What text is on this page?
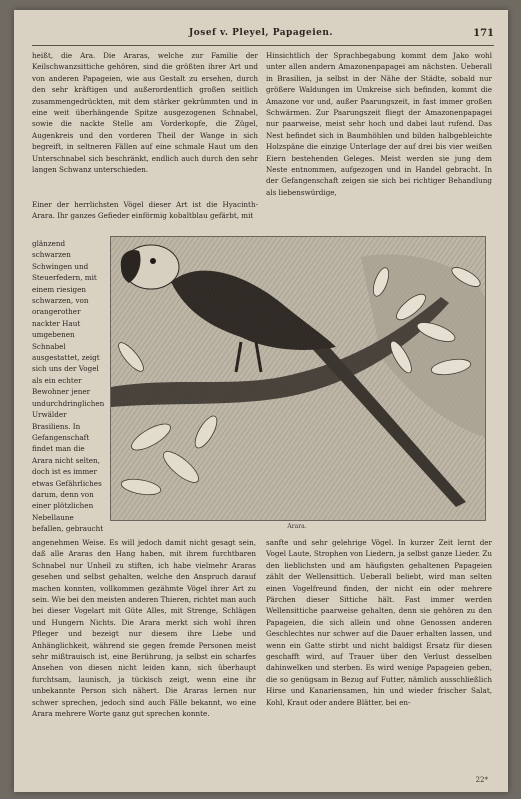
Josef v. Pleyel, Papageien.	171

heißt, die Ara. Die Araras, welche zur Familie der Keilschwanzsittiche gehören, sind die größten ihrer Art und von anderen Papageien, wie aus Gestalt zu ersehen, durch den sehr kräftigen und außerordentlich großen seitlich zusammengedrückten, mit dem stärker gekrümmten und in eine weit überhängende Spitze ausgezogenen Schnabel, sowie die nackte Stelle am Vorderkopfe, die Zügel, Augenkreis und den vorderen Theil der Wange in sich begreift, in seltneren Fällen auf eine schmale Haut um den Unterschnabel sich beschränkt, endlich auch durch den sehr langen Schwanz unterschieden.

Einer der herrlichsten Vögel dieser Art ist die Hyacinth-Arara. Ihr ganzes Gefieder einförmig kobaltblau gefärbt, mit

glänzend schwarzen Schwingen und Steuerfedern, mit einem riesigen schwarzen, von orangerother nackter Haut umgebenen Schnabel ausgestattet, zeigt sich uns der Vogel als ein echter Bewohner jener undurchdringlichen Urwälder Brasiliens. In Gefangenschaft findet man die Arara nicht selten, doch ist es immer etwas Gefährliches darum, denn von einer plötzlichen Nebellaune befallen, gebraucht

angenehmen Weise. Es will jedoch damit nicht gesagt sein, daß alle Araras den Hang haben, mit ihrem furchtbaren Schnabel nur Unheil zu stiften, ich habe vielmehr Araras gesehen und selbst gehalten, welche den Anspruch darauf machen konnten, vollkommen gezähmte Vögel ihrer Art zu sein. Wie bei den meisten anderen Thieren, richtet man auch bei dieser Vogelart mit Güte Alles, mit Strenge, Schlägen und Hungern Nichts. Die Arara merkt sich wohl ihren Pfleger und bezeigt nur diesem ihre Liebe und Anhänglichkeit, während sie gegen fremde Personen meist sehr mißtrauisch ist, eine Berührung, ja selbst ein scharfes Ansehen von diesen nicht leiden kann, sich überhaupt furchtsam, launisch, ja tückisch zeigt, wenn eine ihr unbekannte Person sich nähert. Die Araras lernen nur schwer sprechen, jedoch sind auch Fälle bekannt, wo eine Arara mehrere Worte ganz gut sprechen konnte.

Hinsichtlich der Sprachbegabung kommt dem Jako wohl unter allen andern Amazonenpapagei am nächsten. Ueberall in Brasilien, ja selbst in der Nähe der Städte, sobald nur größere Waldungen im Umkreise sich befinden, kommt die Amazone vor und, außer Paarungszeit, in fast immer großen Schwärmen. Zur Paarungszeit fliegt der Amazonenpapagei nur paarweise, meist sehr hoch und dabei laut rufend. Das Nest befindet sich in Baumhöhlen und bilden halbgebleichte Holzspäne die einzige Unterlage der auf drei bis vier weißen Eiern bestehenden Geleges. Meist werden sie jung dem Neste entnommen, aufgezogen und in Handel gebracht. In der Gefangenschaft zeigen sie sich bei richtiger Behandlung als liebenswürdige,

sanfte und sehr gelehrige Vögel. In kurzer Zeit lernt der Vogel Laute, Strophen von Liedern, ja selbst ganze Lieder. Zu den lieblichsten und am häufigsten gehaltenen Papageien zählt der Wellensittich. Ueberall beliebt, wird man selten einen Vogelfreund finden, der nicht ein oder mehrere Pärchen dieser Sittiche hält. Fast immer werden Wellensittiche paarweise gehalten, denn sie gehören zu den Papageien, die sich allein und ohne Genossen anderen Geschlechtes nur schwer auf die Dauer erhalten lassen, und wenn ein Gatte stirbt und nicht baldigst Ersatz für diesen geschafft wird, auf Trauer über den Verlust desselben dahinwelken und sterben. Es wird wenige Papageien geben, die so genügsam in Bezug auf Futter, nämlich ausschließlich Hirse und Kanariensamen, hin und wieder frischer Salat, Kohl, Kraut oder andere Blätter, bei en-

Arara.
22*
